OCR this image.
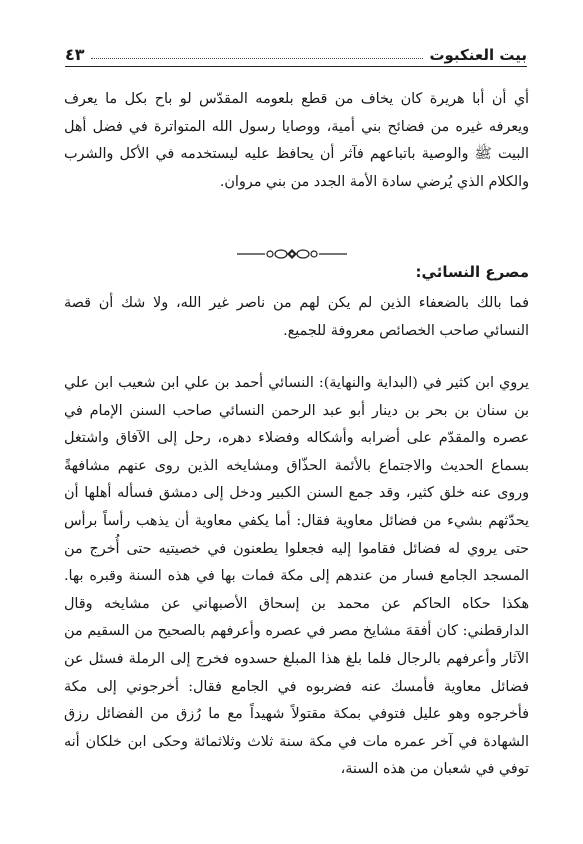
بيت العنكبوت
٤٣

أي أن أبا هريرة كان يخاف من قطع بلعومه المقدّس لو باح بكل ما يعرف ويعرفه غيره من فضائح بني أمية، ووصايا رسول الله المتواترة في فضل أهل البيت ﷺ والوصية باتباعهم فآثر أن يحافظ عليه ليستخدمه في الأكل والشرب والكلام الذي يُرضي سادة الأمة الجدد من بني مروان.

مصرع النسائي:

فما بالك بالضعفاء الذين لم يكن لهم من ناصر غير الله، ولا شك أن قصة النسائي صاحب الخصائص معروفة للجميع.

يروي ابن كثير في (البداية والنهاية): النسائي أحمد بن علي ابن شعيب ابن علي بن سنان بن بحر بن دينار أبو عبد الرحمن النسائي صاحب السنن الإمام في عصره والمقدّم على أضرابه وأشكاله وفضلاء دهره، رحل إلى الآفاق واشتغل بسماع الحديث والاجتماع بالأئمة الحذّاق ومشايخه الذين روى عنهم مشافهةً وروى عنه خلق كثير، وقد جمع السنن الكبير ودخل إلى دمشق فسأله أهلها أن يحدّثهم بشيء من فضائل معاوية فقال: أما يكفي معاوية أن يذهب رأساً برأس حتى يروي له فضائل فقاموا إليه فجعلوا يطعنون في خصيتيه حتى أُخرج من المسجد الجامع فسار من عندهم إلى مكة فمات بها في هذه السنة وقبره بها. هكذا حكاه الحاكم عن محمد بن إسحاق الأصبهاني عن مشايخه وقال الدارقطني: كان أفقهَ مشايخ مصر في عصره وأعرفهم بالصحيح من السقيم من الآثار وأعرفهم بالرجال فلما بلغ هذا المبلغ حسدوه فخرج إلى الرملة فسئل عن فضائل معاوية فأمسك عنه فضربوه في الجامع فقال: أخرجوني إلى مكة فأخرجوه وهو عليل فتوفي بمكة مقتولاً شهيداً مع ما رُزق من الفضائل رزق الشهادة في آخر عمره مات في مكة سنة ثلاث وثلاثمائة وحكى ابن خلكان أنه توفي في شعبان من هذه السنة،
